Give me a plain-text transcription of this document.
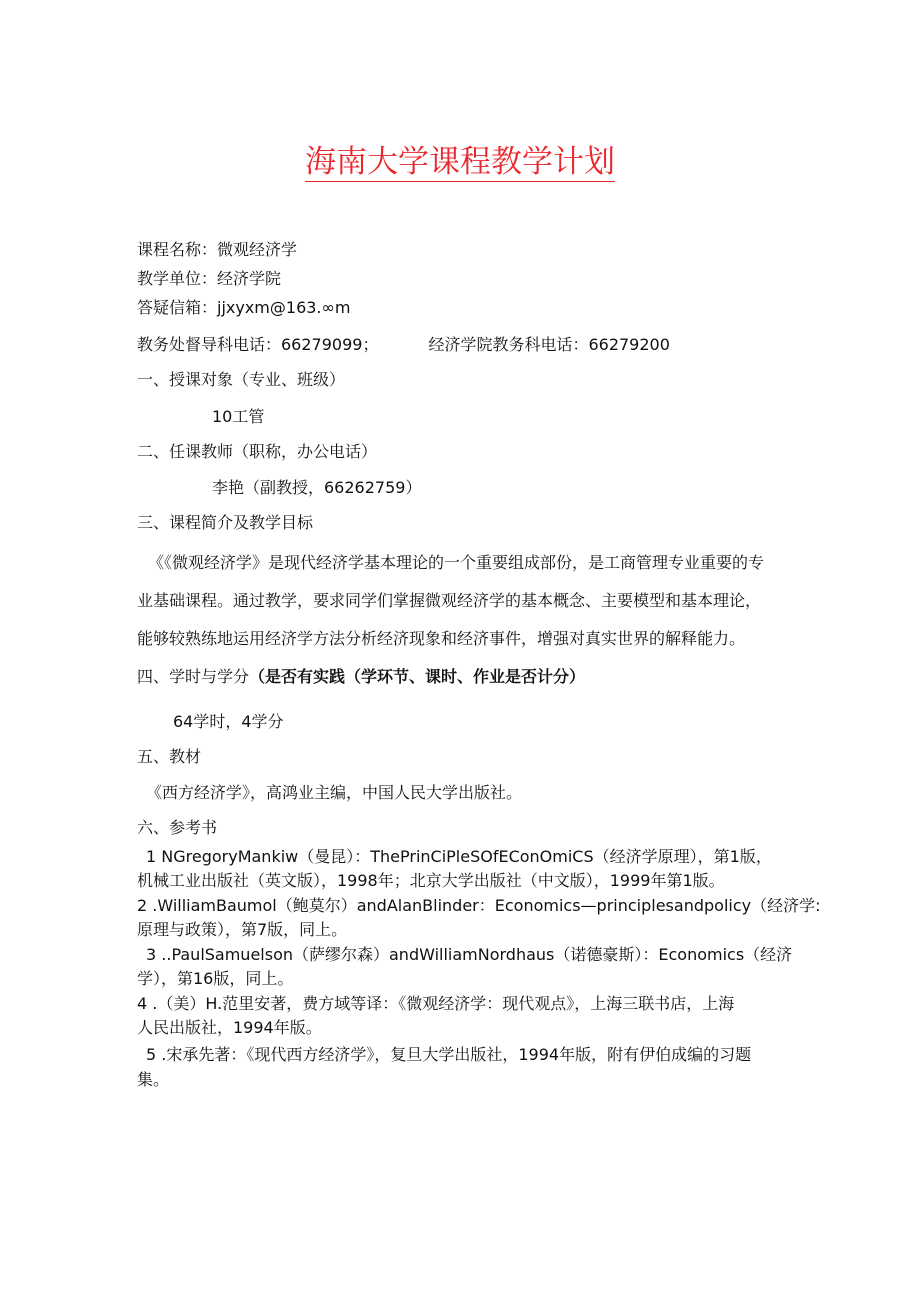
海南大学课程教学计划
课程名称：微观经济学
教学单位：经济学院
答疑信箱：jjxyxm@163.∞m
教务处督导科电话：66279099；	经济学院教务科电话：66279200
一、授课对象（专业、班级）
10工管
二、任课教师（职称，办公电话）
李艳（副教授，66262759）
三、课程简介及教学目标
《《微观经济学》是现代经济学基本理论的一个重要组成部份，是工商管理专业重要的专
业基础课程。通过教学，要求同学们掌握微观经济学的基本概念、主要模型和基本理论，
能够较熟练地运用经济学方法分析经济现象和经济事件，增强对真实世界的解释能力。
四、学时与学分（是否有实践（学环节、课时、作业是否计分）
64学时，4学分
五、教材
《西方经济学》，高鸿业主编，中国人民大学出版社。
六、参考书
1 NGregoryMankiw（曼昆）：ThePrinCiPleSOfEConOmiCS（经济学原理），第1版，
机械工业出版社（英文版），1998年；北京大学出版社（中文版），1999年第1版。
2 .WilliamBaumol（鲍莫尔）andAlanBlinder：Economics—principlesandpolicy（经济学:
原理与政策），第7版，同上。
3 ..PaulSamuelson（萨缪尔森）andWilliamNordhaus（诺德豪斯）：Economics（经济
学），第16版，同上。
4 .（美）H.范里安著，费方域等译：《微观经济学：现代观点》，上海三联书店，上海
人民出版社，1994年版。
5 .宋承先著：《现代西方经济学》，复旦大学出版社，1994年版，附有伊伯成编的习题
集。
